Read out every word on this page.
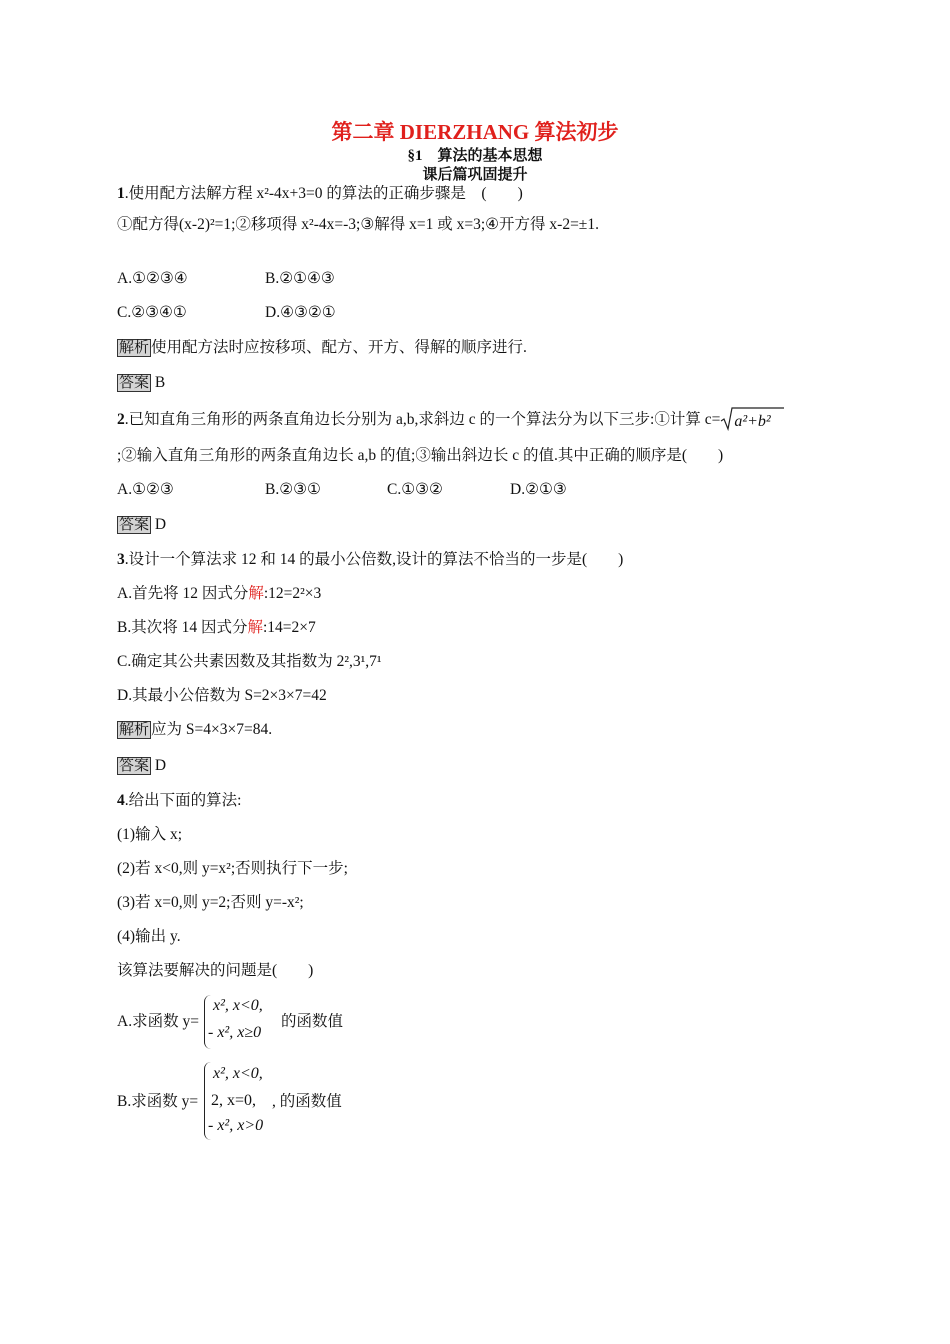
第二章 DIERZHANG 算法初步
§1　算法的基本思想
课后篇巩固提升
1.使用配方法解方程 x²-4x+3=0 的算法的正确步骤是　(　　)
①配方得(x-2)²=1;②移项得 x²-4x=-3;③解得 x=1 或 x=3;④开方得 x-2=±1.
A.①②③④	B.②①④③
C.②③④①	D.④③②①
解析 使用配方法时应按移项、配方、开方、得解的顺序进行.
答案 B
2.已知直角三角形的两条直角边长分别为 a,b,求斜边 c 的一个算法分为以下三步:①计算 c= a²+b²
;②输入直角三角形的两条直角边长 a,b 的值;③输出斜边长 c 的值.其中正确的顺序是(　　)
A.①②③	B.②③①	C.①③②	D.②①③
答案 D
3.设计一个算法求 12 和 14 的最小公倍数,设计的算法不恰当的一步是(　　)
A.首先将 12 因式分解:12=2²×3
B.其次将 14 因式分解:14=2×7
C.确定其公共素因数及其指数为 2²,3¹,7¹
D.其最小公倍数为 S=2×3×7=42
解析 应为 S=4×3×7=84.
答案 D
4.给出下面的算法:
(1)输入 x;
(2)若 x<0,则 y=x²;否则执行下一步;
(3)若 x=0,则 y=2;否则 y=-x²;
(4)输出 y.
该算法要解决的问题是(　　)
A.求函数 y=
x², x<0,
- x², x≥0
的函数值
B.求函数 y=
x², x<0,
2, x=0,
- x², x>0
, 的函数值
